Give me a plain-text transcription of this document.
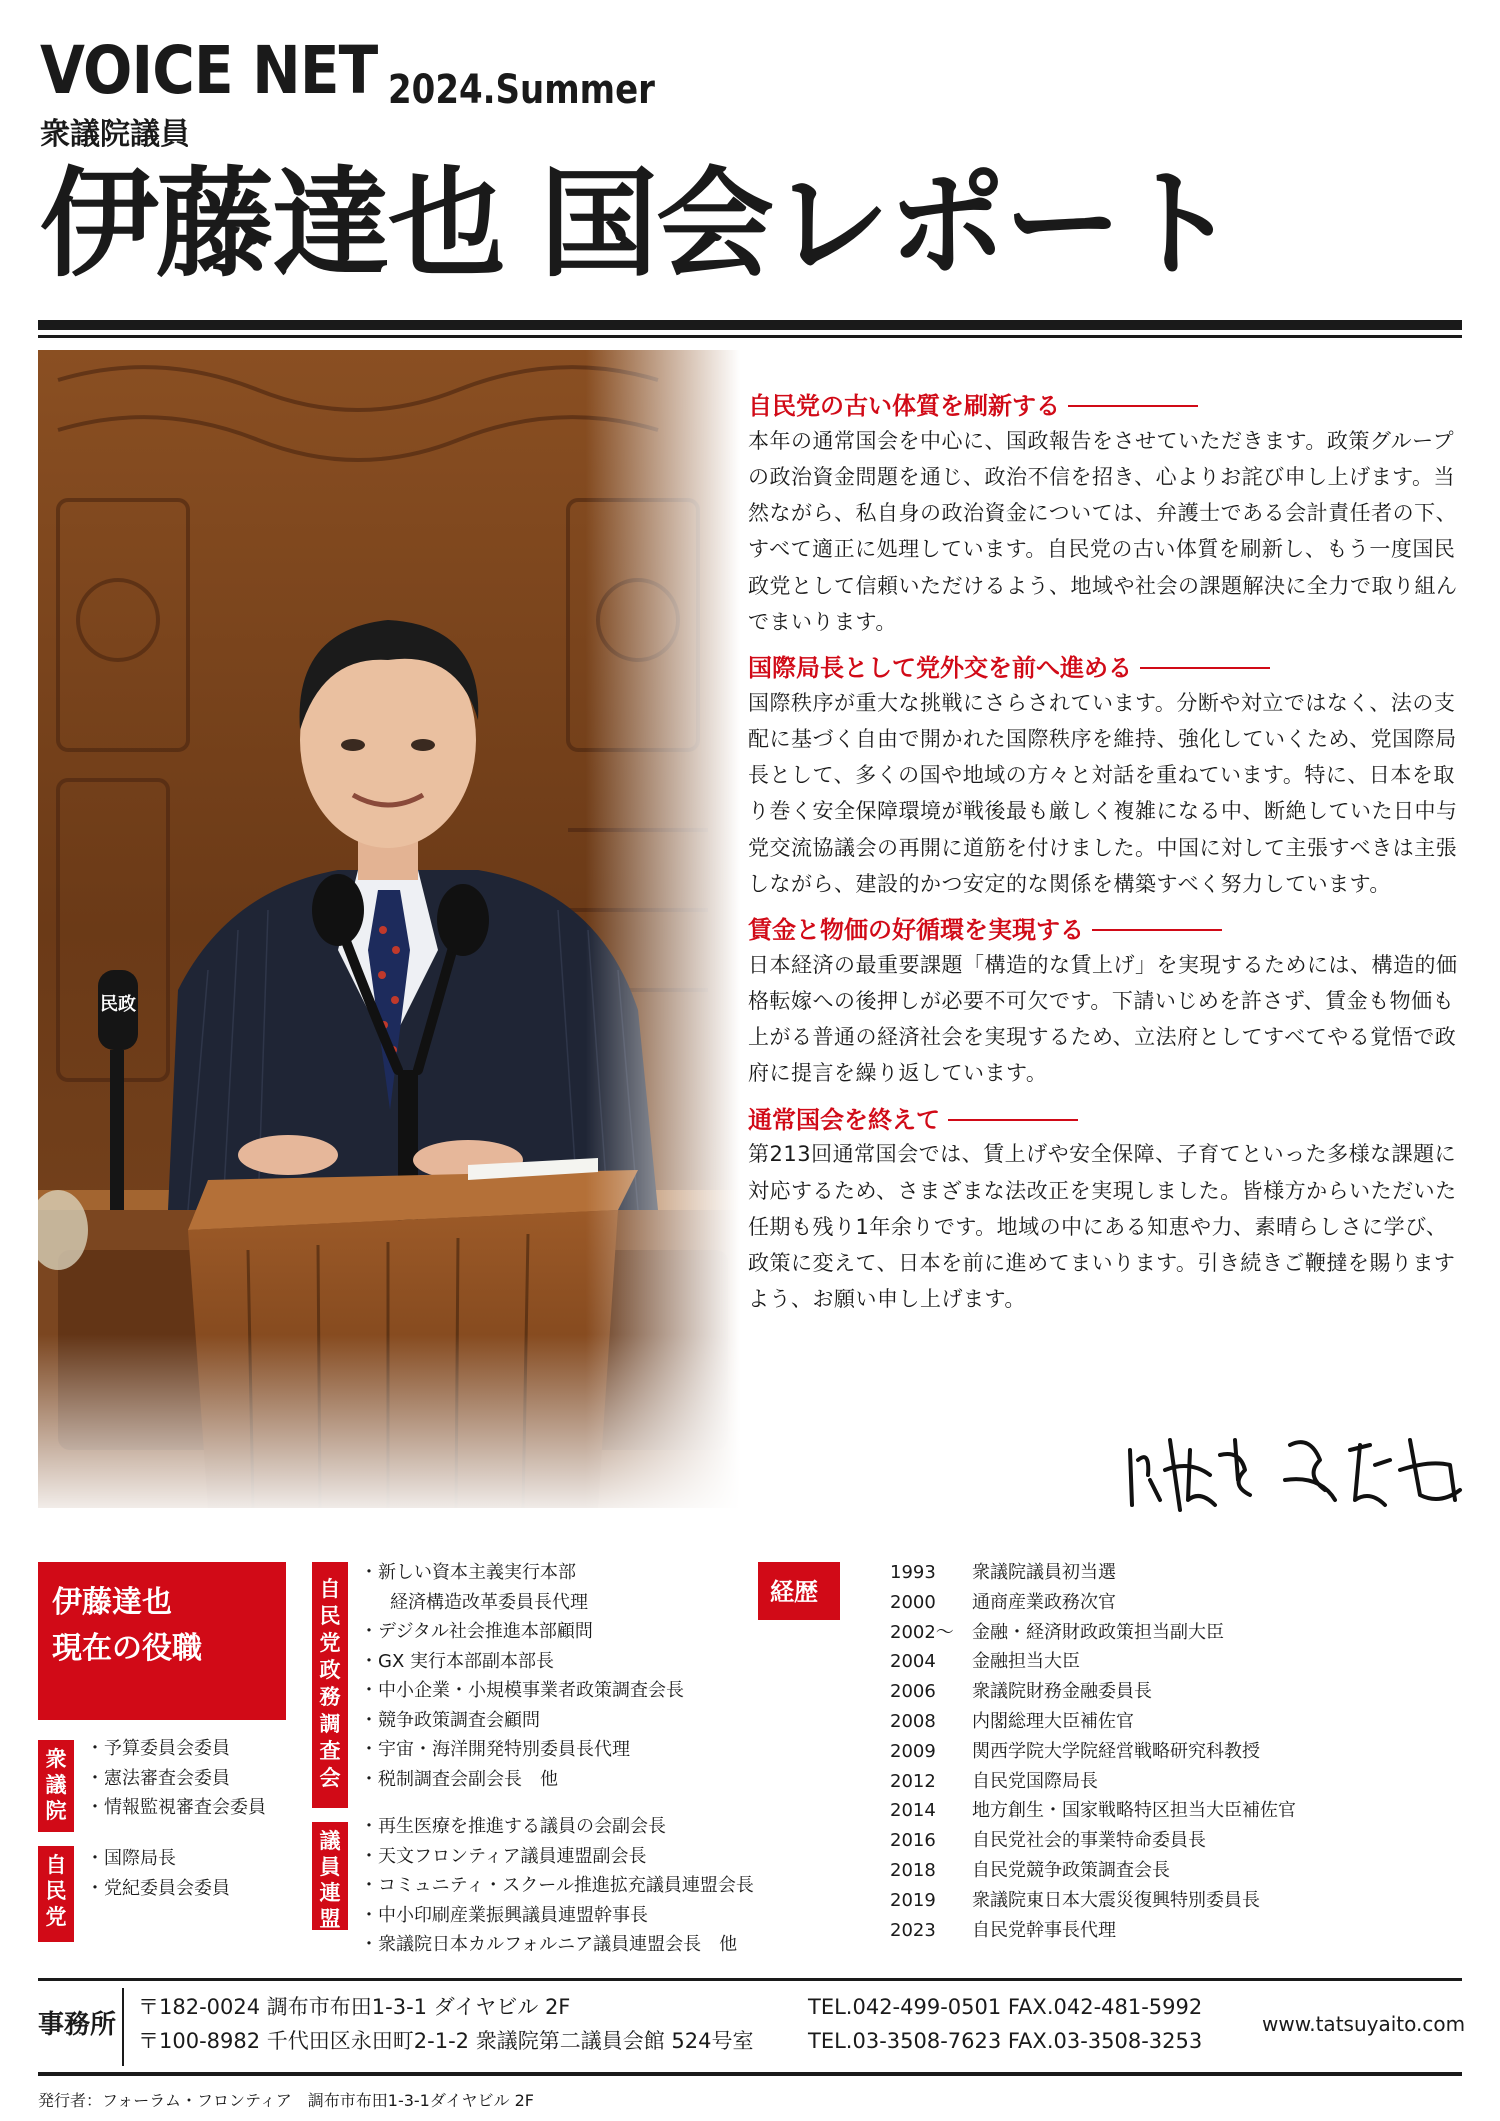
VOICE NET 2024.Summer
衆議院議員
伊藤達也 国会レポート
自民党の古い体質を刷新する

本年の通常国会を中心に、国政報告をさせていただきます。政策グループの政治資金問題を通じ、政治不信を招き、心よりお詫び申し上げます。当然ながら、私自身の政治資金については、弁護士である会計責任者の下、すべて適正に処理しています。自民党の古い体質を刷新し、もう一度国民政党として信頼いただけるよう、地域や社会の課題解決に全力で取り組んでまいります。

国際局長として党外交を前へ進める

国際秩序が重大な挑戦にさらされています。分断や対立ではなく、法の支配に基づく自由で開かれた国際秩序を維持、強化していくため、党国際局長として、多くの国や地域の方々と対話を重ねています。特に、日本を取り巻く安全保障環境が戦後最も厳しく複雑になる中、断絶していた日中与党交流協議会の再開に道筋を付けました。中国に対して主張すべきは主張しながら、建設的かつ安定的な関係を構築すべく努力しています。

賃金と物価の好循環を実現する

日本経済の最重要課題「構造的な賃上げ」を実現するためには、構造的価格転嫁への後押しが必要不可欠です。下請いじめを許さず、賃金も物価も上がる普通の経済社会を実現するため、立法府としてすべてやる覚悟で政府に提言を繰り返しています。

通常国会を終えて

第213回通常国会では、賃上げや安全保障、子育てといった多様な課題に対応するため、さまざまな法改正を実現しました。皆様方からいただいた任期も残り1年余りです。地域の中にある知恵や力、素晴らしさに学び、政策に変えて、日本を前に進めてまいります。引き続きご鞭撻を賜りますよう、お願い申し上げます。

伊藤達也
現在の役職
衆議院
・ 予算委員会委員
・ 憲法審査会委員
・ 情報監視審査会委員
自民党
・ 国際局長
・ 党紀委員会委員
自民党政務調査会
・ 新しい資本主義実行本部
経済構造改革委員長代理
・ デジタル社会推進本部顧問
・ GX 実行本部副本部長
・ 中小企業・小規模事業者政策調査会長
・ 競争政策調査会顧問
・ 宇宙・海洋開発特別委員長代理
・ 税制調査会副会長　他
議員連盟
・ 再生医療を推進する議員の会副会長
・ 天文フロンティア議員連盟副会長
・ コミュニティ・スクール推進拡充議員連盟会長
・ 中小印刷産業振興議員連盟幹事長
・ 衆議院日本カルフォルニア議員連盟会長　他
経歴
1993	衆議院議員初当選
2000	通商産業政務次官
2002～	金融・経済財政政策担当副大臣
2004	金融担当大臣
2006	衆議院財務金融委員長
2008	内閣総理大臣補佐官
2009	関西学院大学院経営戦略研究科教授
2012	自民党国際局長
2014	地方創生・国家戦略特区担当大臣補佐官
2016	自民党社会的事業特命委員長
2018	自民党競争政策調査会長
2019	衆議院東日本大震災復興特別委員長
2023	自民党幹事長代理
事務所
〒182-0024 調布市布田1-3-1 ダイヤビル 2F
〒100-8982 千代田区永田町2-1-2 衆議院第二議員会館 524号室
TEL.042-499-0501 FAX.042-481-5992
TEL.03-3508-7623 FAX.03-3508-3253
www.tatsuyaito.com
発行者：フォーラム・フロンティア　調布市布田1-3-1ダイヤビル 2F
